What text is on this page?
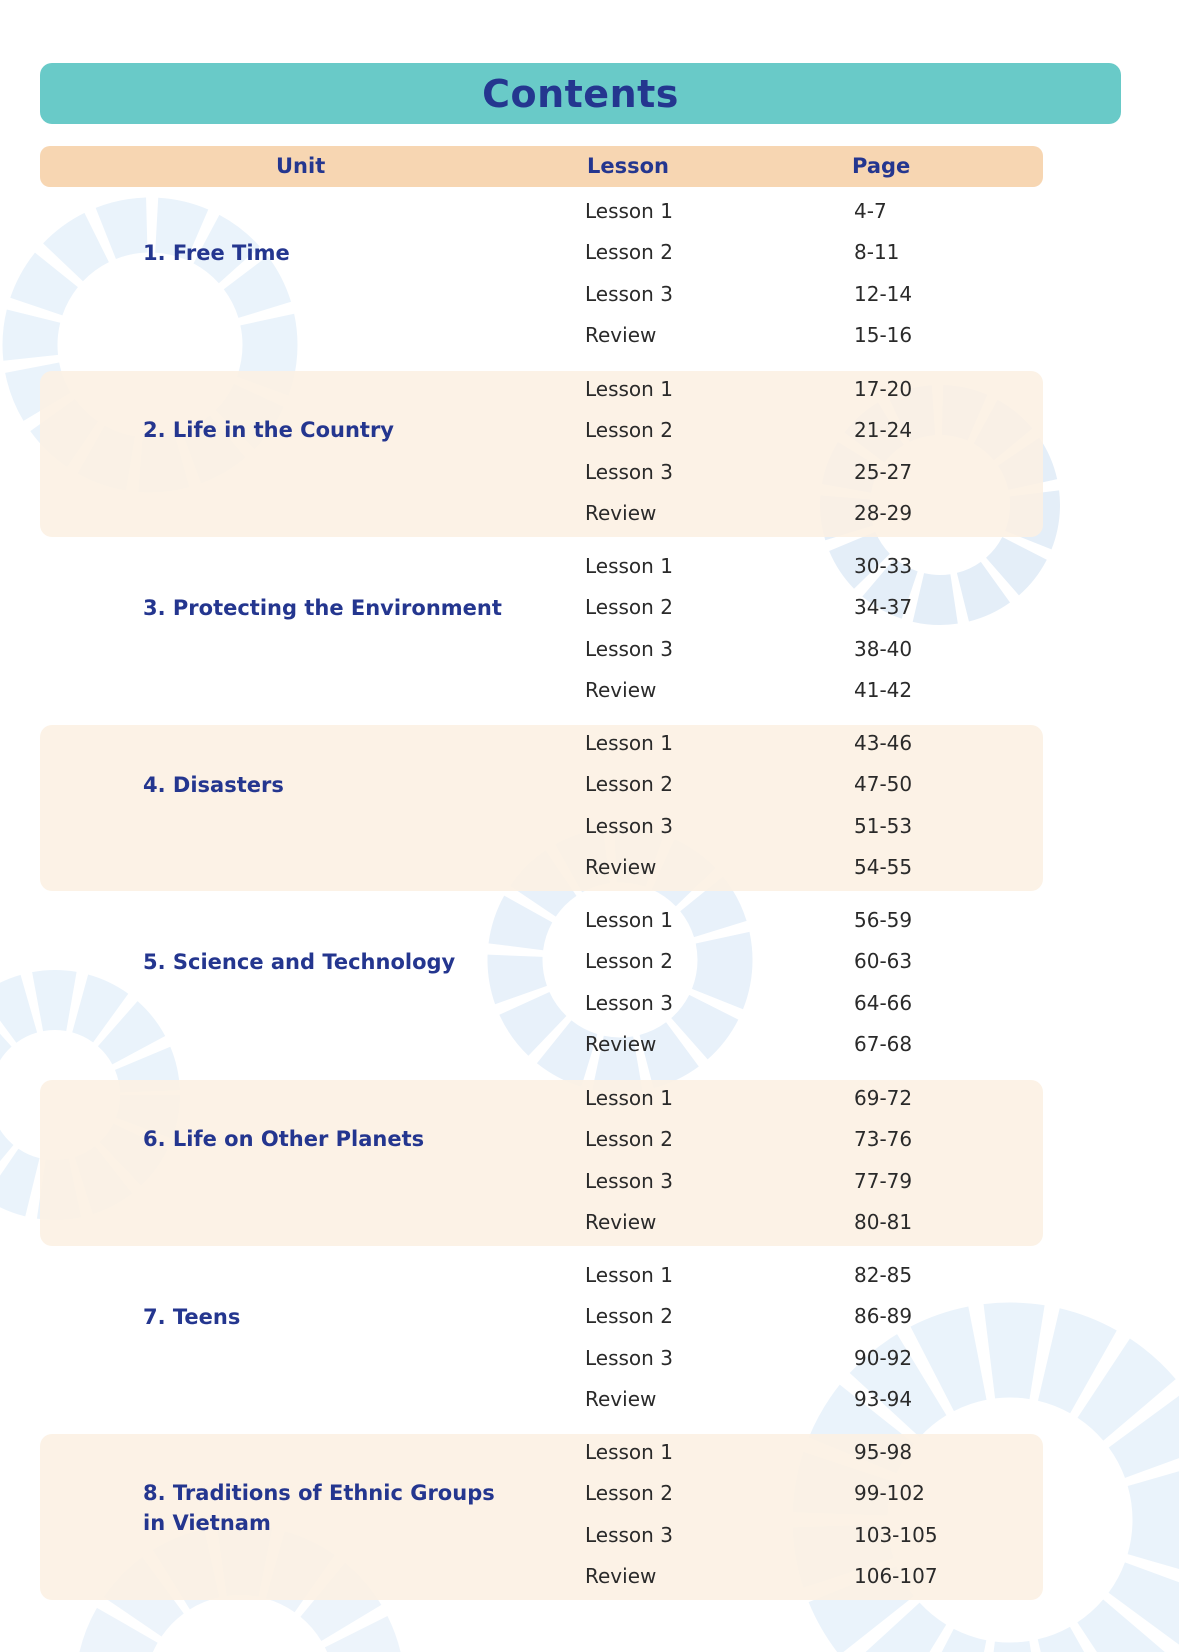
Contents
Unit	Lesson	Page
1. Free Time
Lesson 1	4-7
Lesson 2	8-11
Lesson 3	12-14
Review	15-16
2. Life in the Country
Lesson 1	17-20
Lesson 2	21-24
Lesson 3	25-27
Review	28-29
3. Protecting the Environment
Lesson 1	30-33
Lesson 2	34-37
Lesson 3	38-40
Review	41-42
4. Disasters
Lesson 1	43-46
Lesson 2	47-50
Lesson 3	51-53
Review	54-55
5. Science and Technology
Lesson 1	56-59
Lesson 2	60-63
Lesson 3	64-66
Review	67-68
6. Life on Other Planets
Lesson 1	69-72
Lesson 2	73-76
Lesson 3	77-79
Review	80-81
7. Teens
Lesson 1	82-85
Lesson 2	86-89
Lesson 3	90-92
Review	93-94
8. Traditions of Ethnic Groups
in Vietnam
Lesson 1	95-98
Lesson 2	99-102
Lesson 3	103-105
Review	106-107
